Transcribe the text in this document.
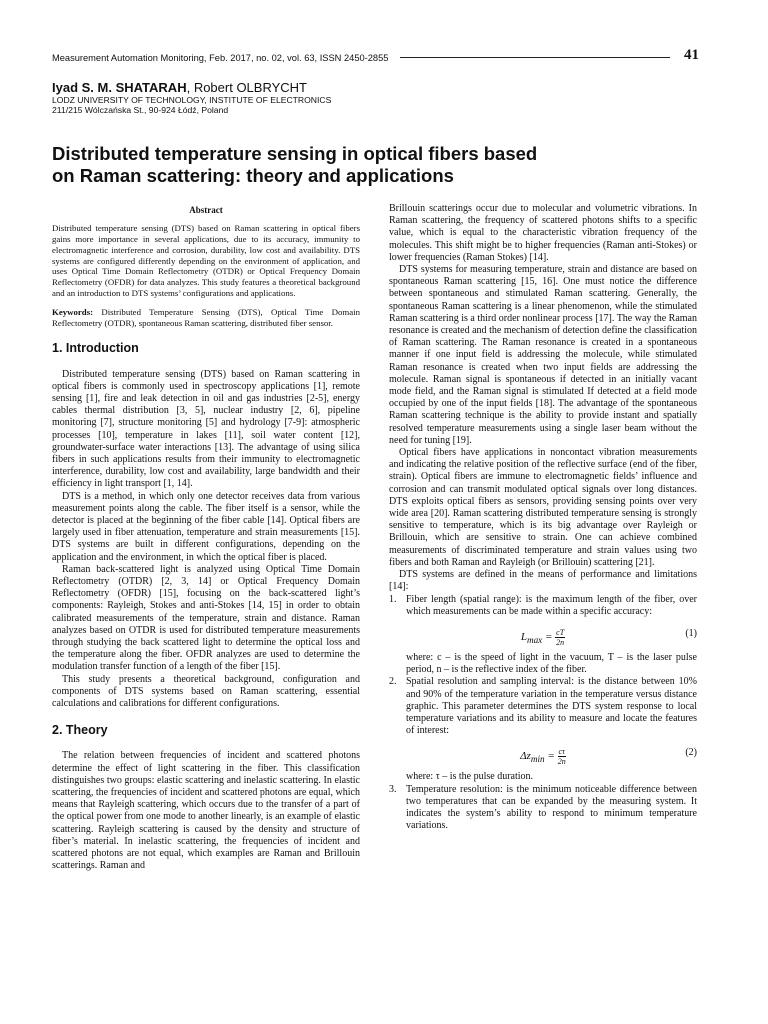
Measurement Automation Monitoring, Feb. 2017, no. 02, vol. 63, ISSN 2450-2855	41
Iyad S. M. SHATARAH, Robert OLBRYCHT
LODZ UNIVERSITY OF TECHNOLOGY, INSTITUTE OF ELECTRONICS
211/215 Wólczańska St., 90-924 Łódź, Poland
Distributed temperature sensing in optical fibers based
on Raman scattering: theory and applications
Abstract

Distributed temperature sensing (DTS) based on Raman scattering in optical fibers gains more importance in several applications, due to its accuracy, immunity to electromagnetic interference and corrosion, durability, low cost and availability. DTS systems are configured differently depending on the environment of application, and uses Optical Time Domain Reflectometry (OTDR) or Optical Frequency Domain Reflectometry (OFDR) for data analyzes. This study features a theoretical background and an introduction to DTS systems’ configurations and applications.

Keywords: Distributed Temperature Sensing (DTS), Optical Time Domain Reflectometry (OTDR), spontaneous Raman scattering, distributed fiber sensor.

1. Introduction

Distributed temperature sensing (DTS) based on Raman scattering in optical fibers is commonly used in spectroscopy applications [1], remote sensing [1], fire and leak detection in oil and gas industries [2-5], energy cables thermal distribution [3, 5], nuclear industry [2, 6], pipeline monitoring [7], structure monitoring [5] and hydrology [7-9]: atmospheric processes [10], temperature in lakes [11], soil water content [12], groundwater-surface water interactions [13]. The advantage of using silica fibers in such applications results from their immunity to electromagnetic interference, durability, low cost and availability, large bandwidth and their efficiency in light transport [1, 14].

DTS is a method, in which only one detector receives data from various measurement points along the cable. The fiber itself is a sensor, while the detector is placed at the beginning of the fiber cable [14]. Optical fibers are largely used in fiber attenuation, temperature and strain measurements [15]. DTS systems are built in different configurations, depending on the application and the environment, in which the optical fiber is placed.

Raman back-scattered light is analyzed using Optical Time Domain Reflectometry (OTDR) [2, 3, 14] or Optical Frequency Domain Reflectometry (OFDR) [15], focusing on the back-scattered light’s components: Rayleigh, Stokes and anti-Stokes [14, 15] in order to obtain calibrated measurements of the temperature, strain and distance. Raman analyzes based on OTDR is used for distributed temperature measurements through studying the back scattered light to determine the optical loss and the temperature along the fiber. OFDR analyzes are used to determine the modulation transfer function of a length of the fiber [15].

This study presents a theoretical background, configuration and components of DTS systems based on Raman scattering, essential calculations and calibrations for different configurations.

2. Theory

The relation between frequencies of incident and scattered photons determine the effect of light scattering in the fiber. This classification distinguishes two groups: elastic scattering and inelastic scattering. In elastic scattering, the frequencies of incident and scattered photons are equal, which means that Rayleigh scattering, which occurs due to the transfer of a part of the optical power from one mode to another linearly, is an example of elastic scattering. Rayleigh scattering is caused by the density and structure of fiber’s material. In inelastic scattering, the frequencies of incident and scattered photons are not equal, which examples are Raman and Brillouin scatterings. Raman and

Brillouin scatterings occur due to molecular and volumetric vibrations. In Raman scattering, the frequency of scattered photons shifts to a specific value, which is equal to the characteristic vibration frequency of the molecules. This shift might be to higher frequencies (Raman anti-Stokes) or lower frequencies (Raman Stokes) [14].

DTS systems for measuring temperature, strain and distance are based on spontaneous Raman scattering [15, 16]. One must notice the difference between spontaneous and stimulated Raman scattering. Generally, the spontaneous Raman scattering is a linear phenomenon, while the stimulated Raman scattering is a third order nonlinear process [17]. The way the Raman resonance is created and the mechanism of detection define the classification of Raman scattering. The Raman resonance is created in a spontaneous manner if one input field is addressing the molecule, while stimulated Raman resonance is created when two input fields are addressing the molecule. Raman signal is spontaneous if detected in an initially vacant mode field, and the Raman signal is stimulated If detected at a field mode occupied by one of the input fields [18]. The advantage of the spontaneous Raman scattering technique is the ability to provide instant and spatially resolved temperature measurements using a single laser beam without the need for tuning [19].

Optical fibers have applications in noncontact vibration measurements and indicating the relative position of the reflective surface (end of the fiber, strain). Optical fibers are immune to electromagnetic fields’ influence and corrosion and can transmit modulated optical signals over long distances. DTS exploits optical fibers as sensors, providing sensing points over very wide area [20]. Raman scattering distributed temperature sensing is strongly sensitive to temperature, which is its big advantage over Rayleigh or Brillouin, which are sensitive to strain. One can achieve combined measurements of discriminated temperature and strain values using two fibers and both Raman and Rayleigh (or Brillouin) scattering [21].

DTS systems are defined in the means of performance and limitations [14]:

1. Fiber length (spatial range): is the maximum length of the fiber, over which measurements can be made within a specific accuracy:
$L_{max} = \frac{cT}{2n}$	(1)
where: c – is the speed of light in the vacuum, T – is the laser pulse period, n – is the reflective index of the fiber.
2. Spatial resolution and sampling interval: is the distance between 10% and 90% of the temperature variation in the temperature versus distance graphic. This parameter determines the DTS system response to local temperature variations and its ability to measure and locate the features of interest:
$\Delta z_{min} = \frac{c\tau}{2n}$	(2)
where: τ – is the pulse duration.
3. Temperature resolution: is the minimum noticeable difference between two temperatures that can be expanded by the measuring system. It indicates the system’s ability to respond to minimum temperature variations.
